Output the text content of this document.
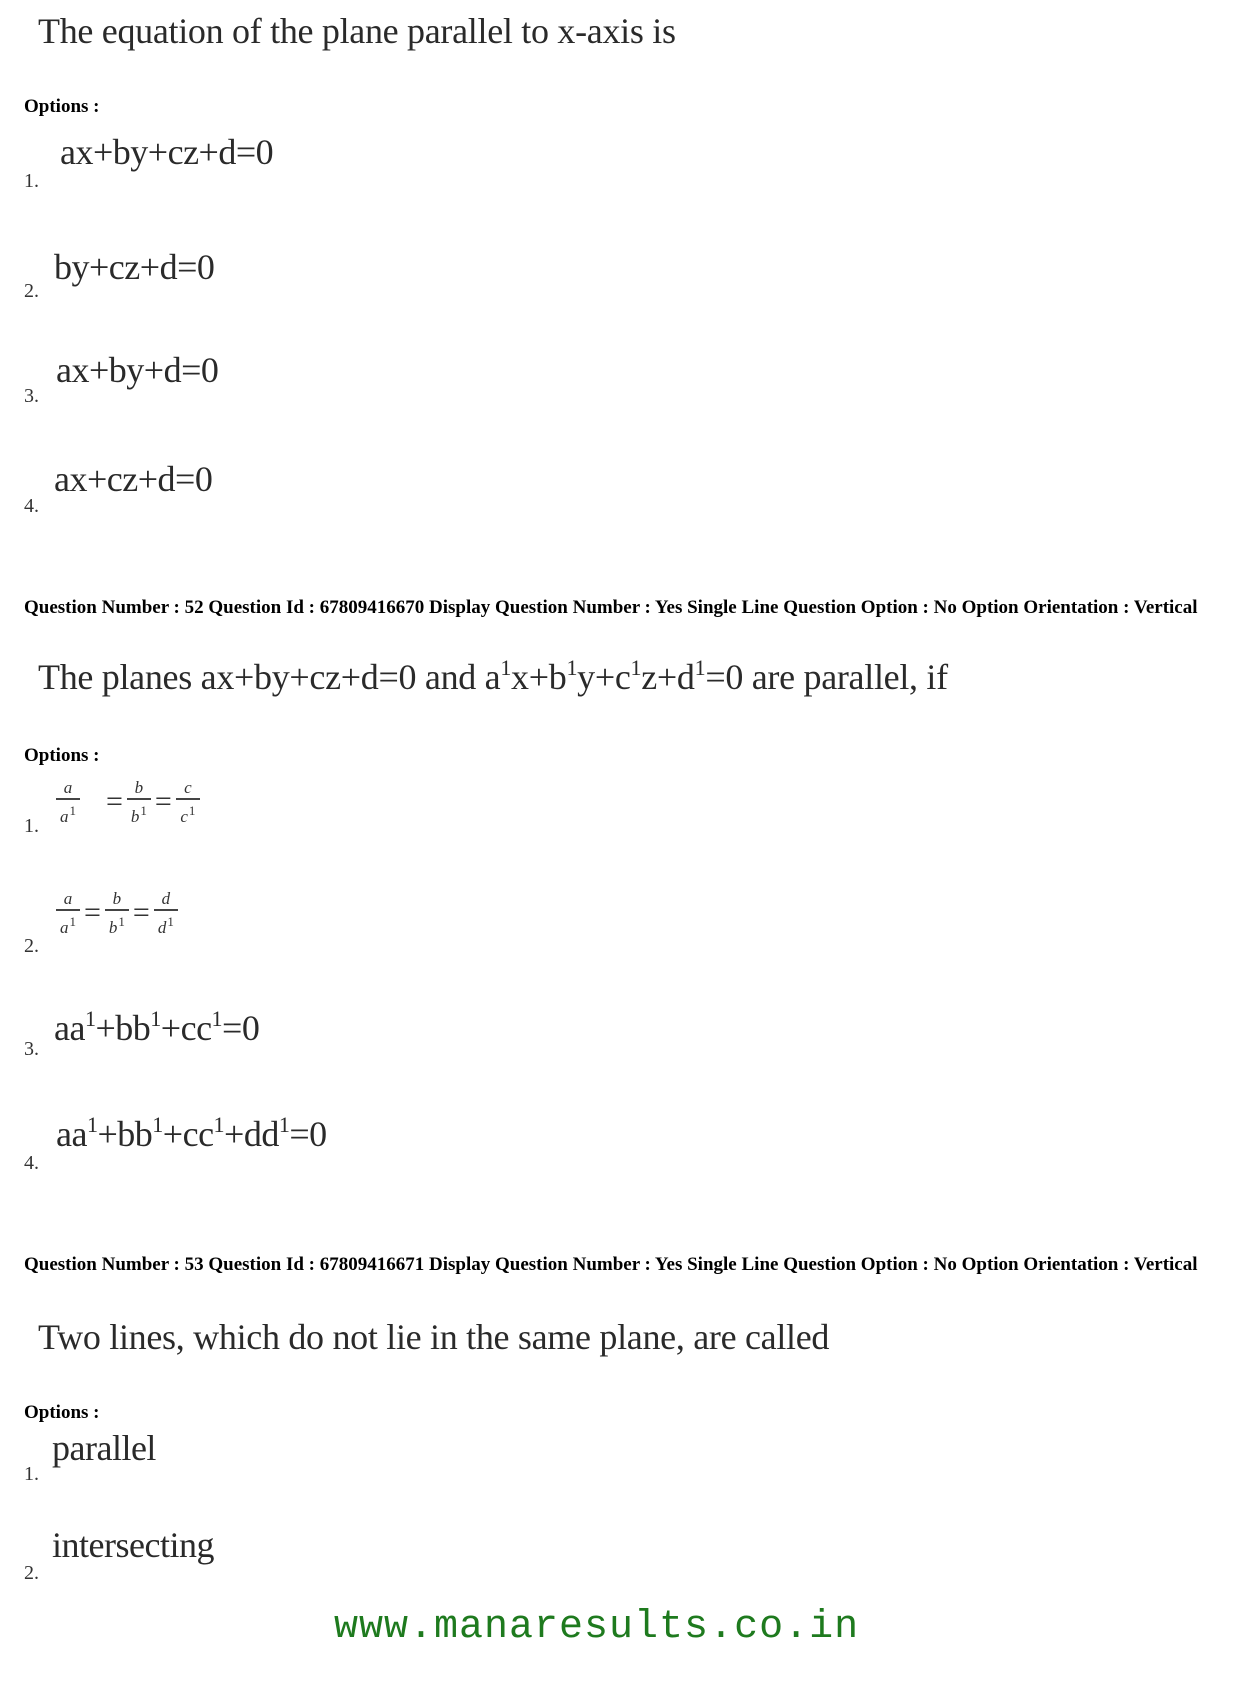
The equation of the plane parallel to x-axis is
Options :
1.
ax+by+cz+d=0
2.
by+cz+d=0
3.
ax+by+d=0
4.
ax+cz+d=0
Question Number : 52 Question Id : 67809416670 Display Question Number : Yes Single Line Question Option : No Option Orientation : Vertical
The planes ax+by+cz+d=0 and $a^1x+b^1y+c^1z+d^1=0$ are parallel, if
Options :
1.
$\frac{a}{a^1} = \frac{b}{b^1} = \frac{c}{c^1}$
2.
$\frac{a}{a^1} = \frac{b}{b^1} = \frac{d}{d^1}$
3.
$aa^1+bb^1+cc^1=0$
4.
$aa^1+bb^1+cc^1+dd^1=0$
Question Number : 53 Question Id : 67809416671 Display Question Number : Yes Single Line Question Option : No Option Orientation : Vertical
Two lines, which do not lie in the same plane, are called
Options :
1.
parallel
2.
intersecting
www.manaresults.co.in
